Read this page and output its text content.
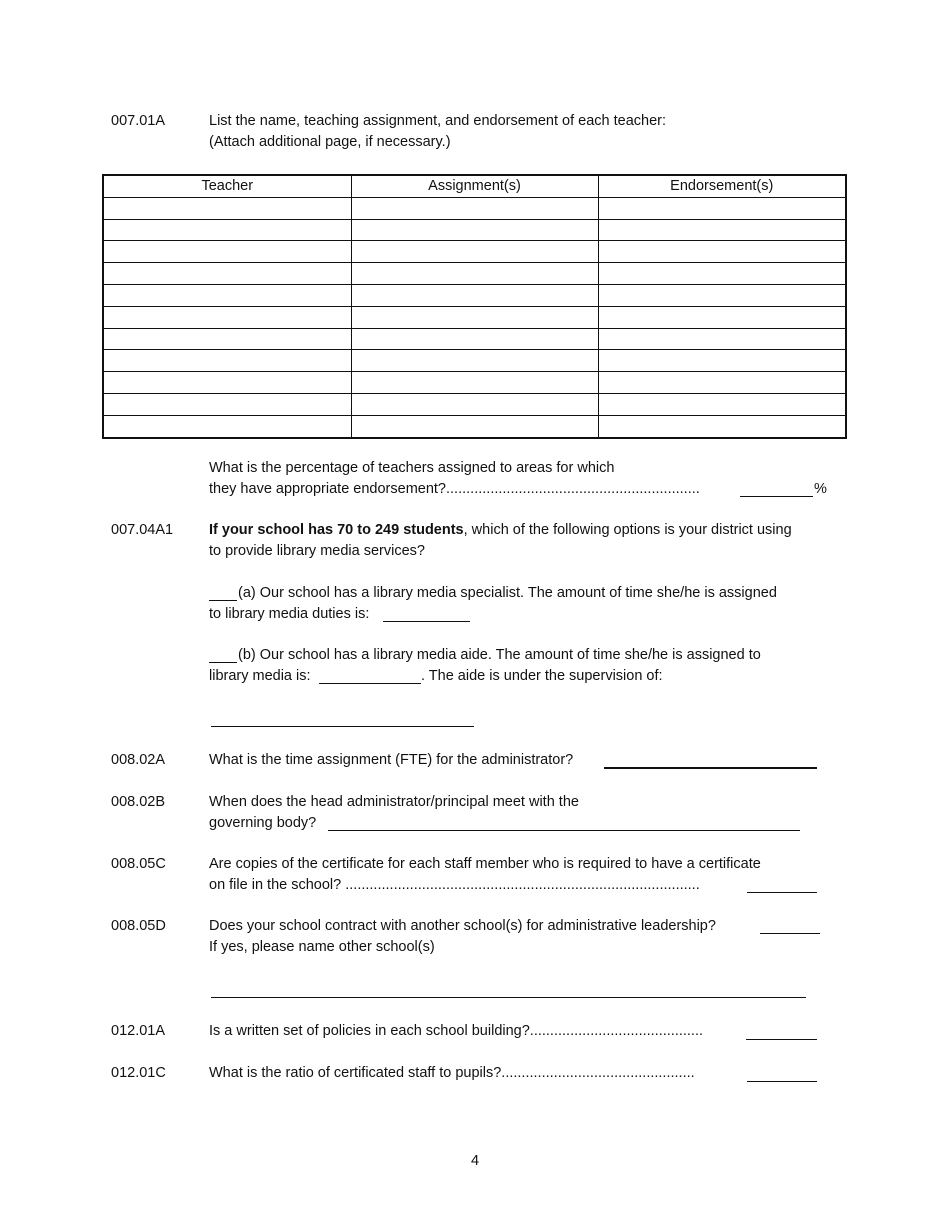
007.01A	List the name, teaching assignment, and endorsement of each teacher:
(Attach additional page, if necessary.)
Teacher	Assignment(s)	Endorsement(s)

What is the percentage of teachers assigned to areas for which
they have appropriate endorsement?...............................................................	%
007.04A1 If your school has 70 to 249 students, which of the following options is your district using
to provide library media services?
(a) Our school has a library media specialist. The amount of time she/he is assigned
to library media duties is:
(b) Our school has a library media aide. The amount of time she/he is assigned to
library media is:	. The aide is under the supervision of:
008.02A	What is the time assignment (FTE) for the administrator?
008.02B	When does the head administrator/principal meet with the
governing body?
008.05C	Are copies of the certificate for each staff member who is required to have a certificate
on file in the school? ........................................................................................
008.05D	Does your school contract with another school(s) for administrative leadership?
If yes, please name other school(s)
012.01A	Is a written set of policies in each school building?...........................................
012.01C	What is the ratio of certificated staff to pupils?................................................
4
